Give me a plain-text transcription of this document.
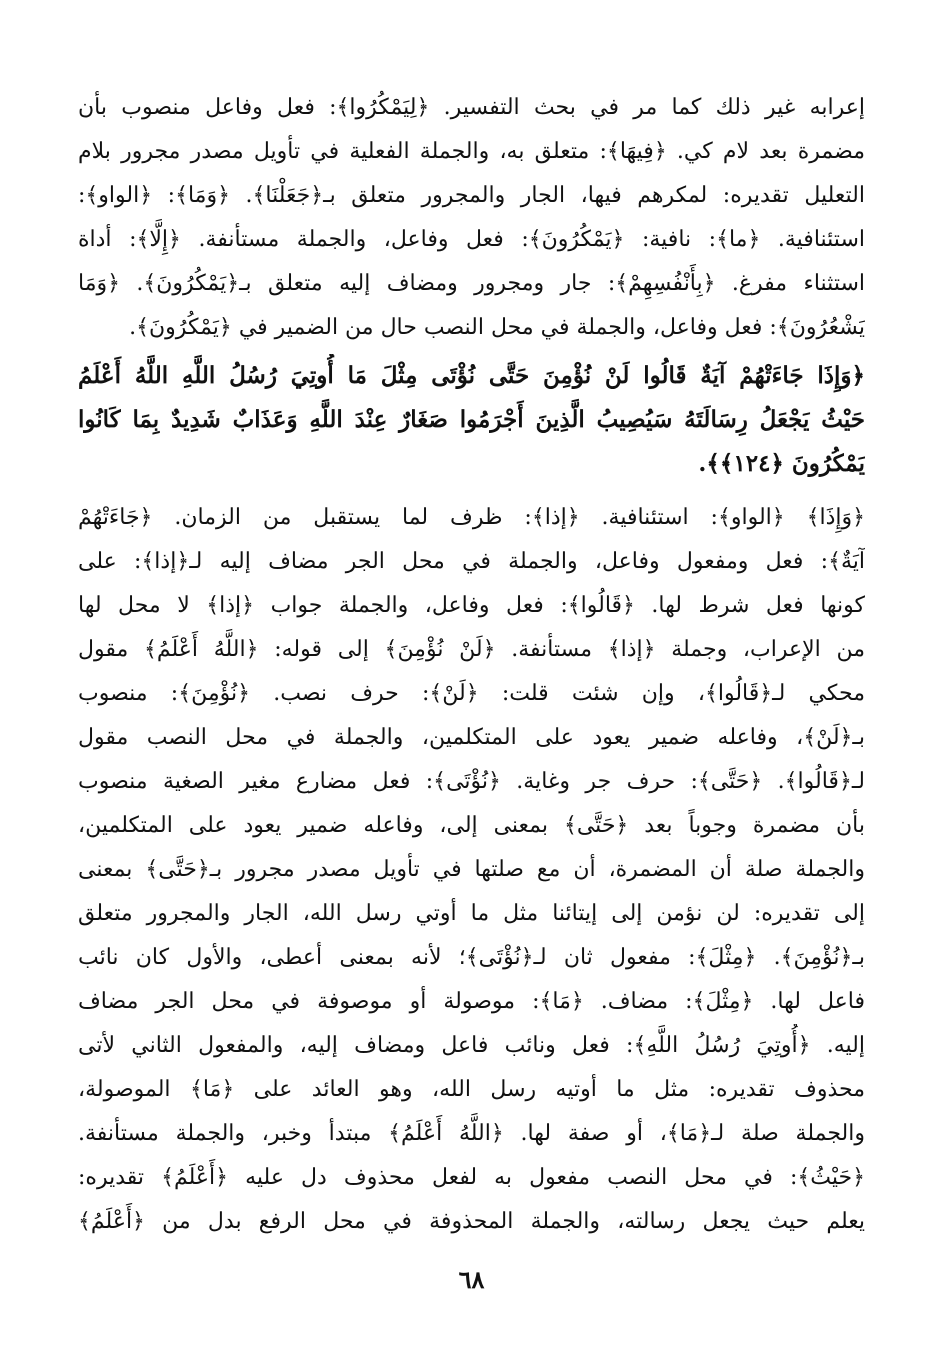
إعرابه غير ذلك كما مر في بحث التفسير. ﴿لِيَمْكُرُوا﴾: فعل وفاعل منصوب بأن
مضمرة بعد لام كي. ﴿فِيهَا﴾: متعلق به، والجملة الفعلية في تأويل مصدر مجرور بلام
التعليل تقديره: لمكرهم فيها، الجار والمجرور متعلق بـ﴿جَعَلْنَا﴾. ﴿وَمَا﴾: ﴿الواو﴾:
استئنافية. ﴿ما﴾: نافية: ﴿يَمْكُرُونَ﴾: فعل وفاعل، والجملة مستأنفة. ﴿إِلَّا﴾: أداة
استثناء مفرغ. ﴿بِأَنْفُسِهِمْ﴾: جار ومجرور ومضاف إليه متعلق بـ﴿يَمْكُرُونَ﴾. ﴿وَمَا
يَشْعُرُونَ﴾: فعل وفاعل، والجملة في محل النصب حال من الضمير في ﴿يَمْكُرُونَ﴾.
﴿وَإِذَا جَاءَتْهُمْ آيَةٌ قَالُوا لَنْ نُؤْمِنَ حَتَّى نُؤْتَى مِثْلَ مَا أُوتِيَ رُسُلُ اللَّهِ اللَّهُ أَعْلَمُ
حَيْثُ يَجْعَلُ رِسَالَتَهُ سَيُصِيبُ الَّذِينَ أَجْرَمُوا صَغَارٌ عِنْدَ اللَّهِ وَعَذَابٌ شَدِيدٌ بِمَا كَانُوا
يَمْكُرُونَ ﴿١٢٤﴾﴾.
﴿وَإِذَا﴾ ﴿الواو﴾: استئنافية. ﴿إذا﴾: ظرف لما يستقبل من الزمان. ﴿جَاءَتْهُمْ
آيَةٌ﴾: فعل ومفعول وفاعل، والجملة في محل الجر مضاف إليه لـ﴿إذا﴾: على
كونها فعل شرط لها. ﴿قَالُوا﴾: فعل وفاعل، والجملة جواب ﴿إذا﴾ لا محل لها
من الإعراب، وجملة ﴿إذا﴾ مستأنفة. ﴿لَنْ نُؤْمِنَ﴾ إلى قوله: ﴿اللَّهُ أَعْلَمُ﴾ مقول
محكي لـ﴿قَالُوا﴾، وإن شئت قلت: ﴿لَنْ﴾: حرف نصب. ﴿نُؤْمِنَ﴾: منصوب
بـ﴿لَنْ﴾، وفاعله ضمير يعود على المتكلمين، والجملة في محل النصب مقول
لـ﴿قَالُوا﴾. ﴿حَتَّى﴾: حرف جر وغاية. ﴿نُؤْتَى﴾: فعل مضارع مغير الصغية منصوب
بأن مضمرة وجوباً بعد ﴿حَتَّى﴾ بمعنى إلى، وفاعله ضمير يعود على المتكلمين،
والجملة صلة أن المضمرة، أن مع صلتها في تأويل مصدر مجرور بـ﴿حَتَّى﴾ بمعنى
إلى تقديره: لن نؤمن إلى إيتائنا مثل ما أوتي رسل الله، الجار والمجرور متعلق
بـ﴿نُؤْمِنَ﴾. ﴿مِثْلَ﴾: مفعول ثان لـ﴿نُؤْتَى﴾؛ لأنه بمعنى أعطى، والأول كان نائب
فاعل لها. ﴿مِثْلَ﴾: مضاف. ﴿مَا﴾: موصولة أو موصوفة في محل الجر مضاف
إليه. ﴿أُوتِيَ رُسُلُ اللَّهِ﴾: فعل ونائب فاعل ومضاف إليه، والمفعول الثاني لأتى
محذوف تقديره: مثل ما أوتيه رسل الله، وهو العائد على ﴿مَا﴾ الموصولة،
والجملة صلة لـ﴿مَا﴾، أو صفة لها. ﴿اللَّهُ أَعْلَمُ﴾ مبتدأ وخبر، والجملة مستأنفة.
﴿حَيْثُ﴾: في محل النصب مفعول به لفعل محذوف دل عليه ﴿أَعْلَمُ﴾ تقديره:
يعلم حيث يجعل رسالته، والجملة المحذوفة في محل الرفع بدل من ﴿أَعْلَمُ﴾
٦٨
